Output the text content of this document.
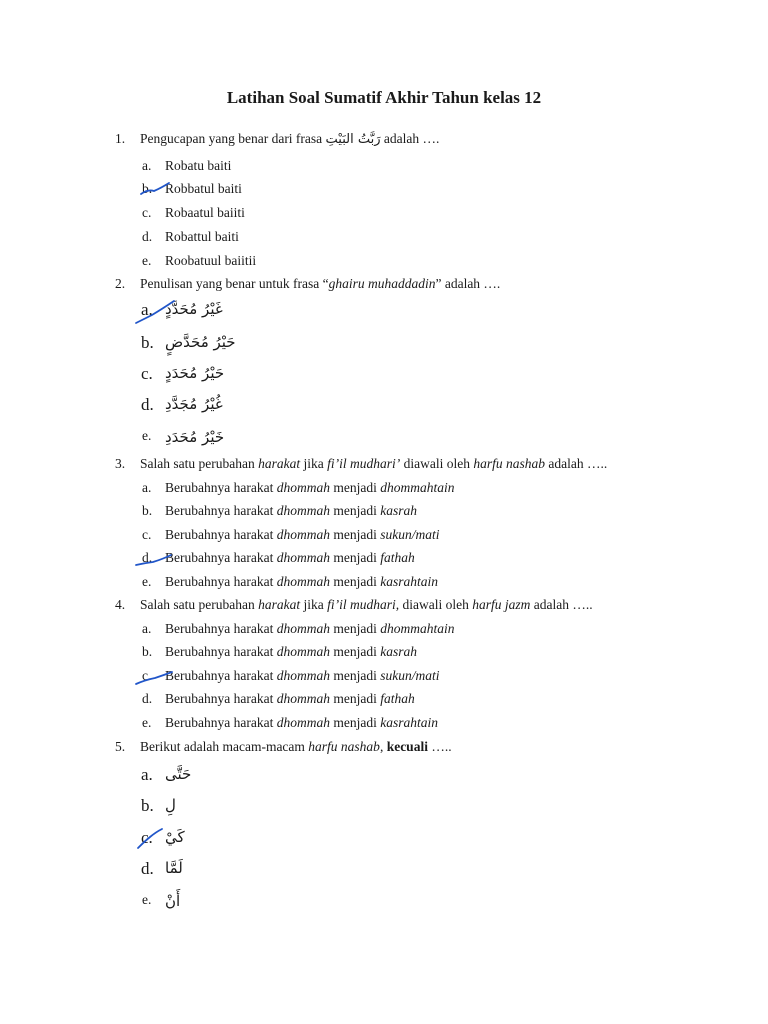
Latihan Soal Sumatif Akhir Tahun kelas 12
1. Pengucapan yang benar dari frasa رَبَّتُ البَيْتِ adalah ….
a. Robatu baiti
b. Robbatul baiti
c. Robaatul baiiti
d. Robattul baiti
e. Roobatuul baiitii
2. Penulisan yang benar untuk frasa “ghairu muhaddadin” adalah ….
a. غَيْرُ مُحَدَّدٍ
b. حَيْرُ مُحَدَّضٍ
c. حَيْرُ مُحَدَدٍ
d. غُيْرُ مُجَدَّدِ
e. خَيْرُ مُحَدَدِ
3. Salah satu perubahan harakat jika fi’il mudhari’ diawali oleh harfu nashab adalah …..
a. Berubahnya harakat dhommah menjadi dhommahtain
b. Berubahnya harakat dhommah menjadi kasrah
c. Berubahnya harakat dhommah menjadi sukun/mati
d. Berubahnya harakat dhommah menjadi fathah
e. Berubahnya harakat dhommah menjadi kasrahtain
4. Salah satu perubahan harakat jika fi’il mudhari, diawali oleh harfu jazm adalah …..
a. Berubahnya harakat dhommah menjadi dhommahtain
b. Berubahnya harakat dhommah menjadi kasrah
c. Berubahnya harakat dhommah menjadi sukun/mati
d. Berubahnya harakat dhommah menjadi fathah
e. Berubahnya harakat dhommah menjadi kasrahtain
5. Berikut adalah macam-macam harfu nashab, kecuali …..
a. حَتَّى
b. لِ
c. كَيْ
d. لَمَّا
e. أَنْ
